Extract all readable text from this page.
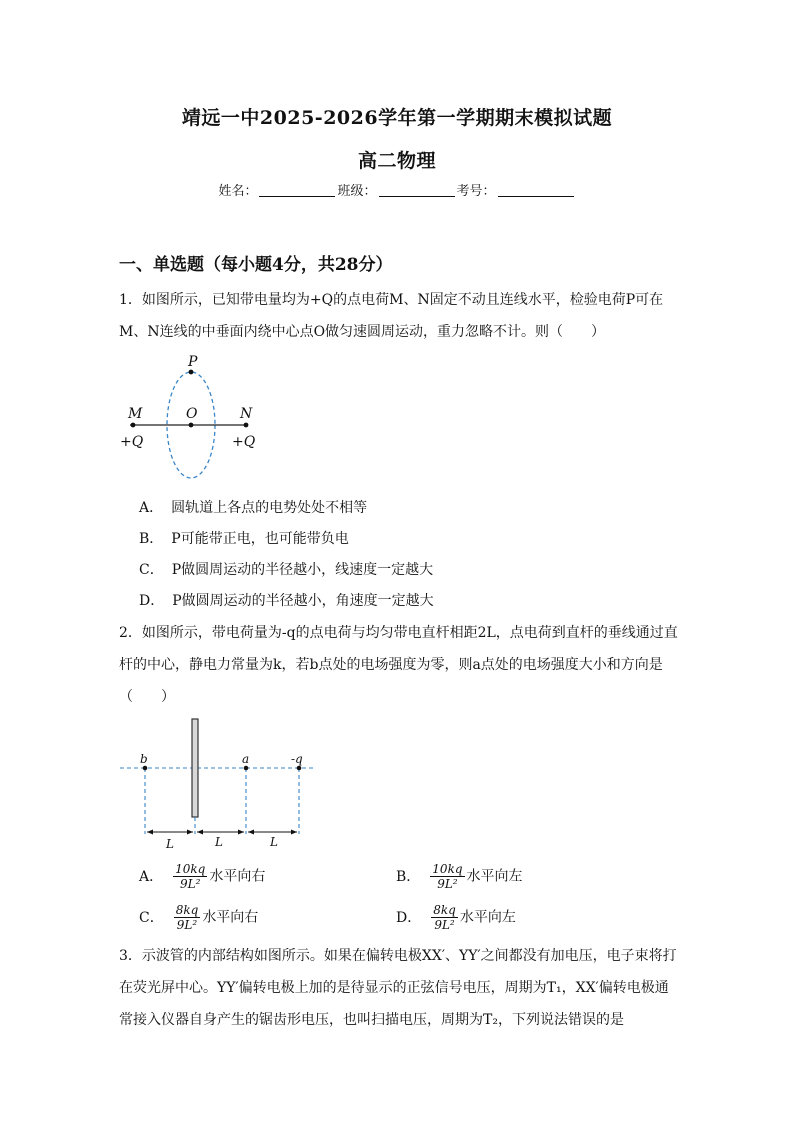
靖远一中2025-2026学年第一学期期末模拟试题
高二物理
姓名：	班级：	考号：
一、单选题（每小题4分，共28分）
1．如图所示，已知带电量均为+Q的点电荷M、N固定不动且连线水平，检验电荷P可在M、N连线的中垂面内绕中心点O做匀速圆周运动，重力忽略不计。则（　　）
P
M	O	N
+Q	+Q
A． 圆轨道上各点的电势处处不相等
B． P可能带正电，也可能带负电
C． P做圆周运动的半径越小，线速度一定越大
D． P做圆周运动的半径越小，角速度一定越大
2．如图所示，带电荷量为-q的点电荷与均匀带电直杆相距2L，点电荷到直杆的垂线通过直杆的中心，静电力常量为k，若b点处的电场强度为零，则a点处的电场强度大小和方向是（　　）
b	a	-q
L	L	L
A． $\frac{10kq}{\text{9L²}}$ 水平向右	B． $\frac{10kq}{\text{9L²}}$ 水平向左
C． $\frac{8kq}{\text{9L²}}$ 水平向右	D． $\frac{8kq}{\text{9L²}}$ 水平向左
3．示波管的内部结构如图所示。如果在偏转电极XX′、YY′之间都没有加电压，电子束将打在荧光屏中心。YY′偏转电极上加的是待显示的正弦信号电压，周期为T₁，XX′偏转电极通常接入仪器自身产生的锯齿形电压，也叫扫描电压，周期为T₂，下列说法错误的是
